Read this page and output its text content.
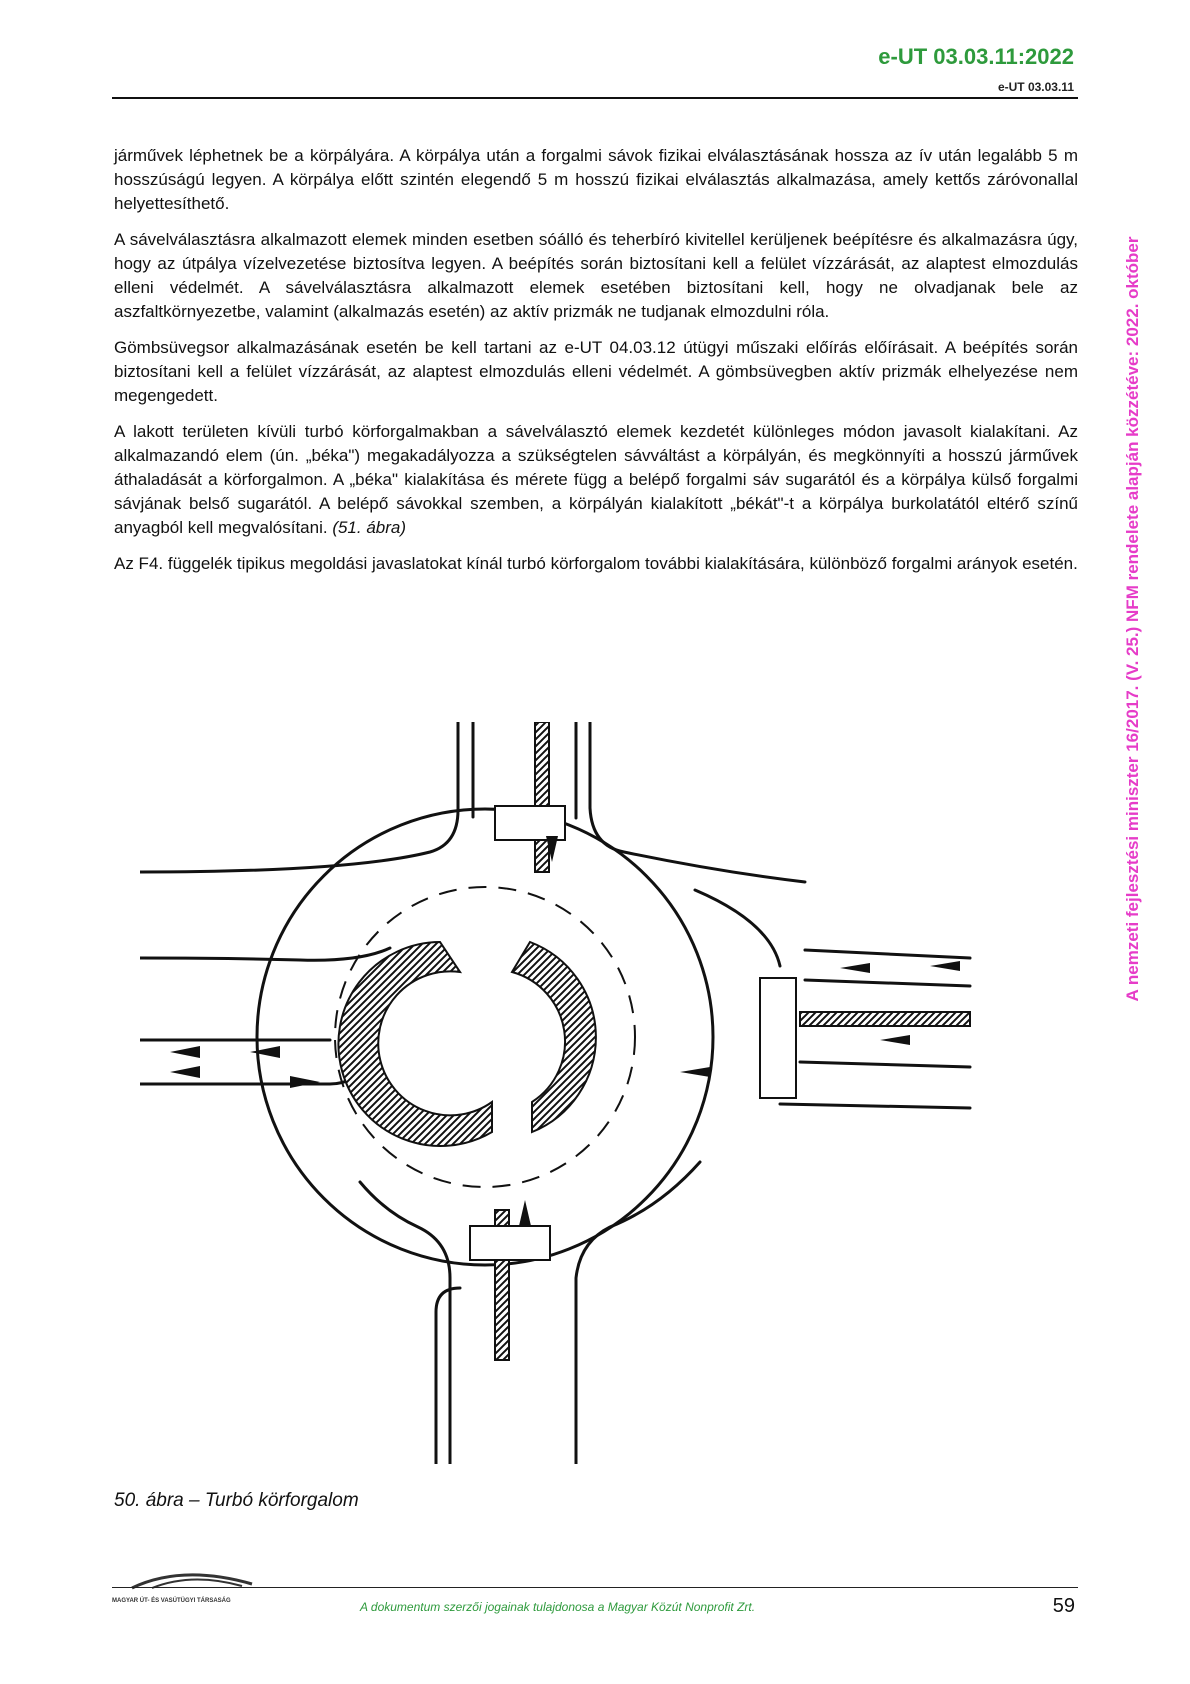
e-UT 03.03.11:2022
e-UT 03.03.11

járművek léphetnek be a körpályára. A körpálya után a forgalmi sávok fizikai elválasztásának hossza az ív után legalább 5 m hosszúságú legyen. A körpálya előtt szintén elegendő 5 m hosszú fizikai elválasztás alkalmazása, amely kettős záróvonallal helyettesíthető.

A sávelválasztásra alkalmazott elemek minden esetben sóálló és teherbíró kivitellel kerüljenek beépítésre és alkalmazásra úgy, hogy az útpálya vízelvezetése biztosítva legyen. A beépítés során biztosítani kell a felület vízzárását, az alaptest elmozdulás elleni védelmét. A sávelválasztásra alkalmazott elemek esetében biztosítani kell, hogy ne olvadjanak bele az aszfaltkörnyezetbe, valamint (alkalmazás esetén) az aktív prizmák ne tudjanak elmozdulni róla.

Gömbsüvegsor alkalmazásának esetén be kell tartani az e-UT 04.03.12 útügyi műszaki előírás előírásait. A beépítés során biztosítani kell a felület vízzárását, az alaptest elmozdulás elleni védelmét. A gömbsüvegben aktív prizmák elhelyezése nem megengedett.

A lakott területen kívüli turbó körforgalmakban a sávelválasztó elemek kezdetét különleges módon javasolt kialakítani. Az alkalmazandó elem (ún. „béka") megakadályozza a szükségtelen sávváltást a körpályán, és megkönnyíti a hosszú járművek áthaladását a körforgalmon. A „béka" kialakítása és mérete függ a belépő forgalmi sáv sugarától és a körpálya külső forgalmi sávjának belső sugarától. A belépő sávokkal szemben, a körpályán kialakított „békát"-t a körpálya burkolatától eltérő színű anyagból kell megvalósítani. (51. ábra)

Az F4. függelék tipikus megoldási javaslatokat kínál turbó körforgalom további kialakítására, különböző forgalmi arányok esetén.	A nemzeti fejlesztési miniszter 16/2017. (V. 25.) NFM rendelete alapján közzétéve: 2022. október
50. ábra – Turbó körforgalom
MAGYAR ÚT- ÉS VASÚTÜGYI TÁRSASÁG	A dokumentum szerzői jogainak tulajdonosa a Magyar Közút Nonprofit Zrt.	59
